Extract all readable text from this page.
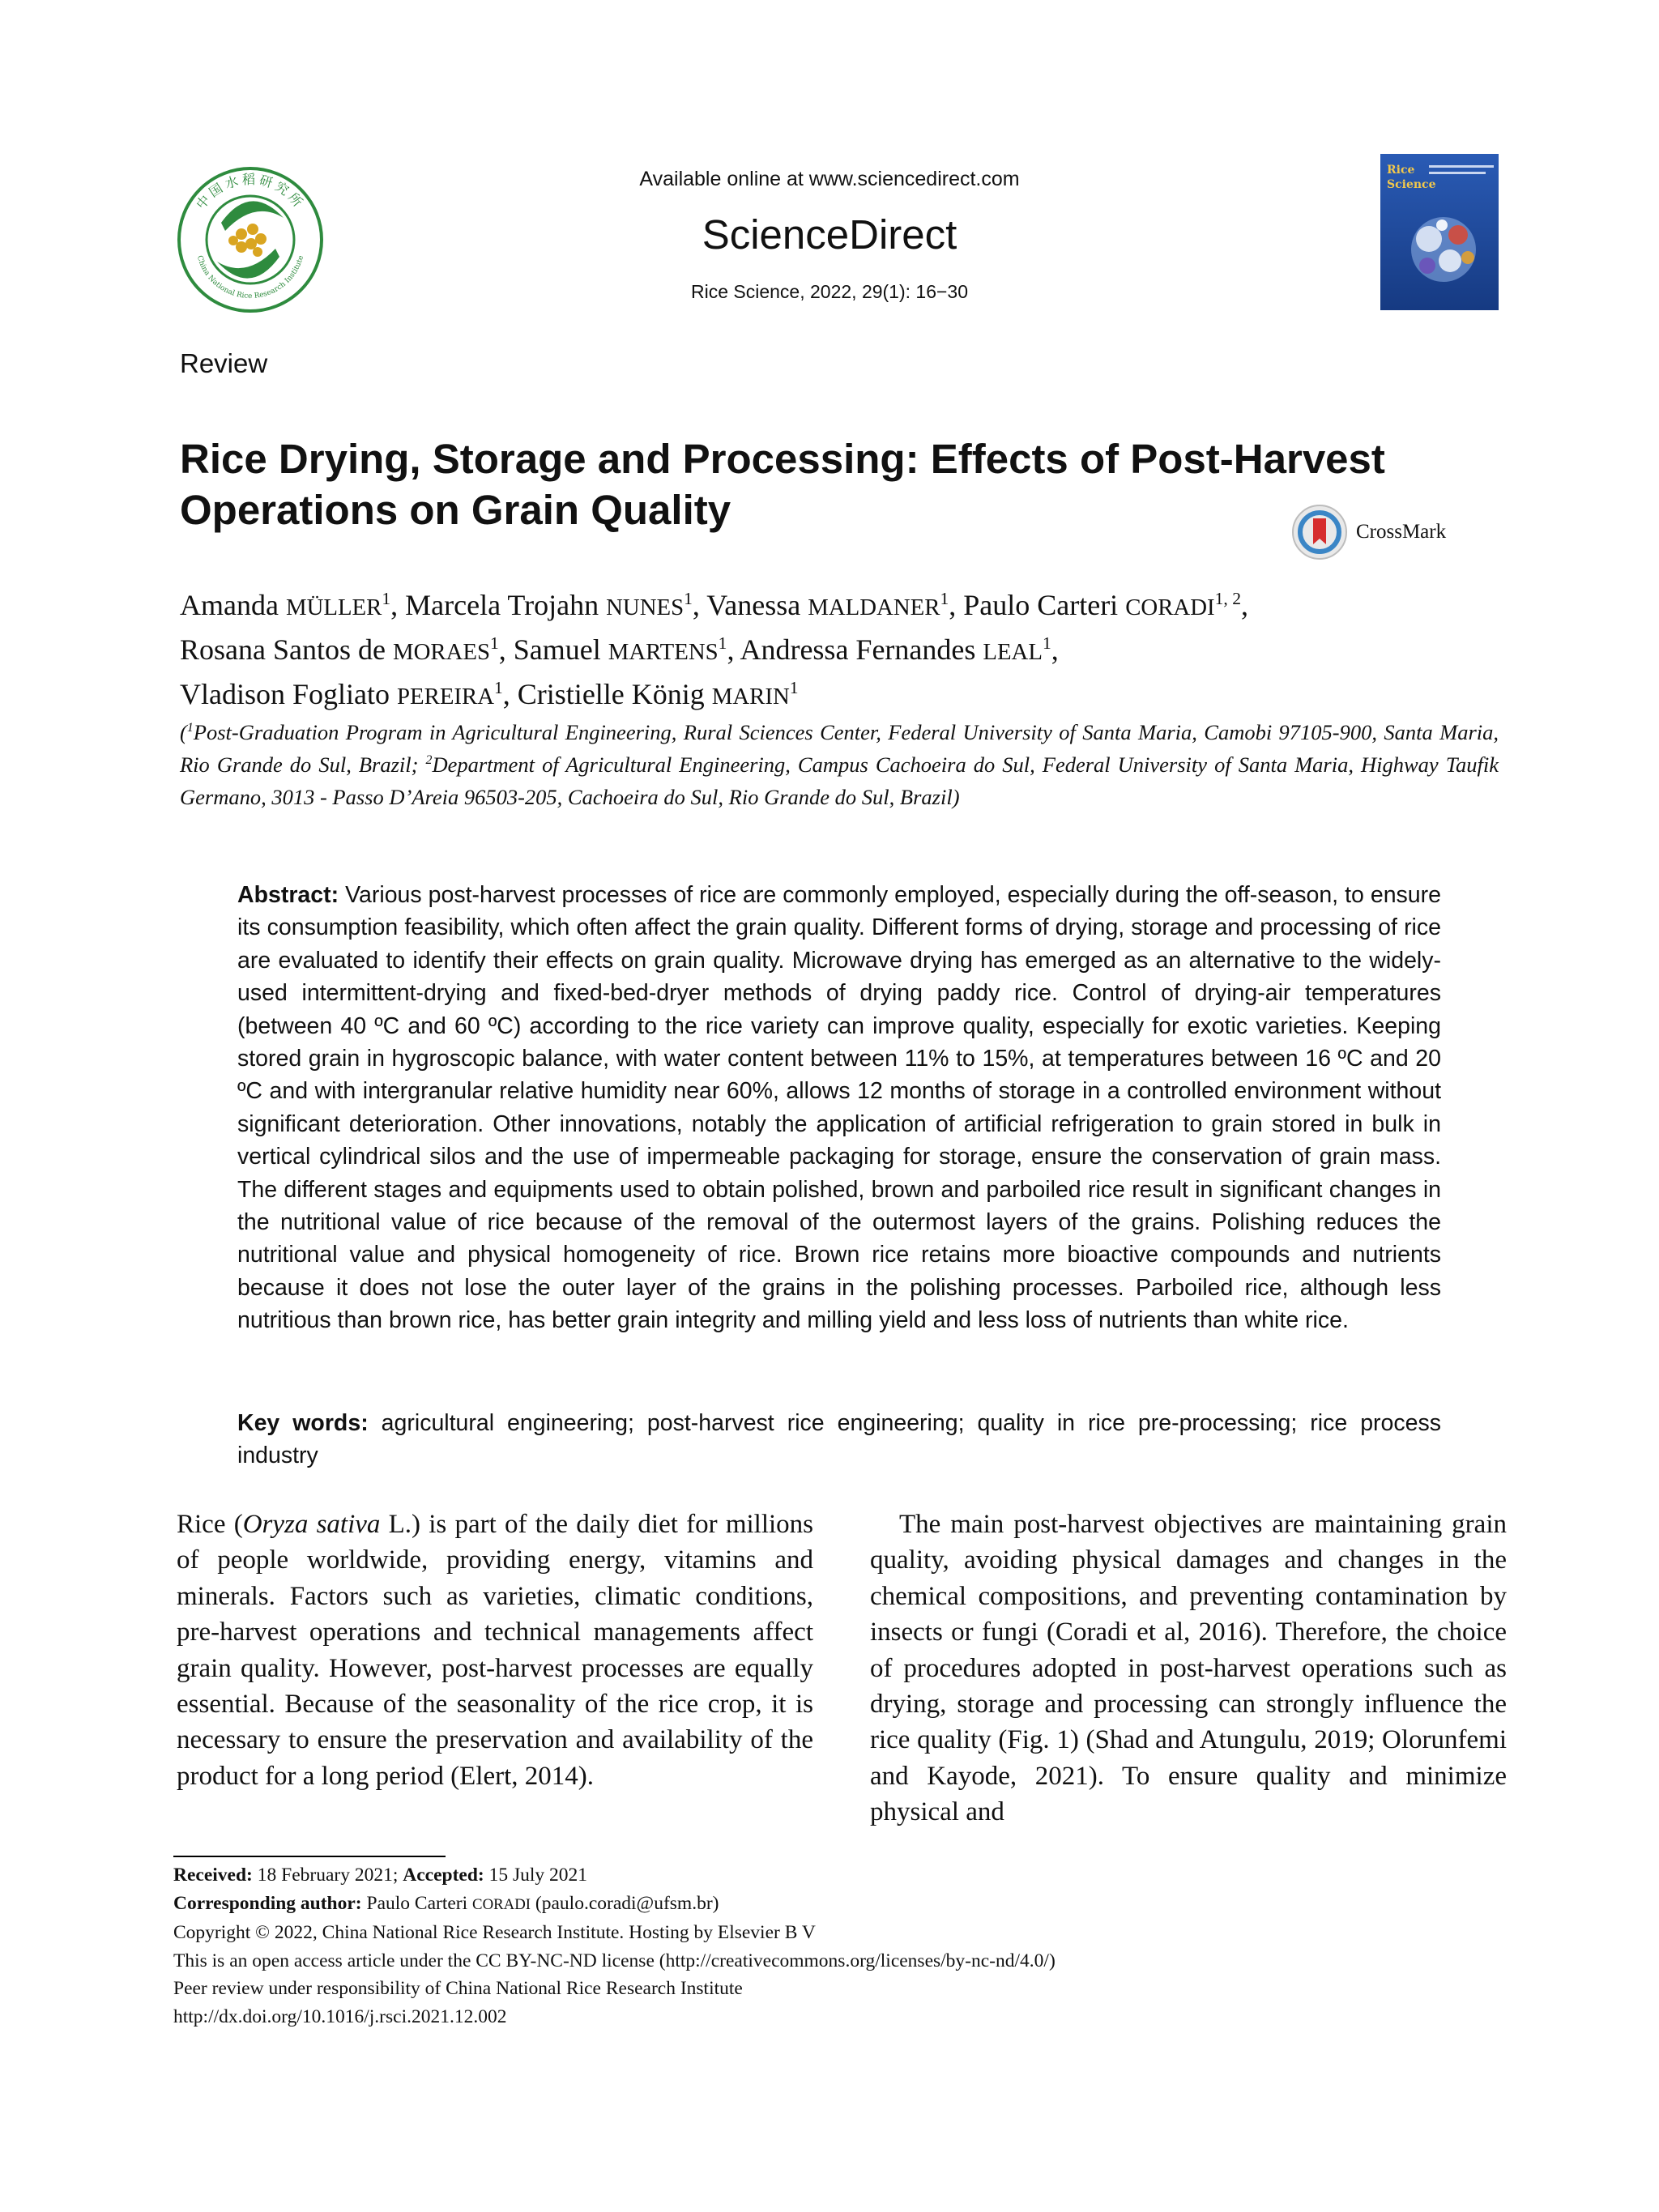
中国水稻研究所
China National Rice Research Institute
Available online at www.sciencedirect.com
ScienceDirect
Rice Science, 2022, 29(1): 16−30
Rice
Science
Review
Rice Drying, Storage and Processing: Effects of Post-Harvest Operations on Grain Quality	CrossMark
Amanda MÜLLER$^1$, Marcela Trojahn NUNES$^1$, Vanessa MALDANER$^1$, Paulo Carteri CORADI$^{1, 2}$,
Rosana Santos de MORAES$^1$, Samuel MARTENS$^1$, Andressa Fernandes LEAL$^1$,
Vladison Fogliato PEREIRA$^1$, Cristielle König MARIN$^1$
($^1$Post-Graduation Program in Agricultural Engineering, Rural Sciences Center, Federal University of Santa Maria, Camobi 97105-900, Santa Maria, Rio Grande do Sul, Brazil; $^2$Department of Agricultural Engineering, Campus Cachoeira do Sul, Federal University of Santa Maria, Highway Taufik Germano, 3013 - Passo D’Areia 96503-205, Cachoeira do Sul, Rio Grande do Sul, Brazil)
Abstract: Various post-harvest processes of rice are commonly employed, especially during the off-season, to ensure its consumption feasibility, which often affect the grain quality. Different forms of drying, storage and processing of rice are evaluated to identify their effects on grain quality. Microwave drying has emerged as an alternative to the widely-used intermittent-drying and fixed-bed-dryer methods of drying paddy rice. Control of drying-air temperatures (between 40 ºC and 60 ºC) according to the rice variety can improve quality, especially for exotic varieties. Keeping stored grain in hygroscopic balance, with water content between 11% to 15%, at temperatures between 16 ºC and 20 ºC and with intergranular relative humidity near 60%, allows 12 months of storage in a controlled environment without significant deterioration. Other innovations, notably the application of artificial refrigeration to grain stored in bulk in vertical cylindrical silos and the use of impermeable packaging for storage, ensure the conservation of grain mass. The different stages and equipments used to obtain polished, brown and parboiled rice result in significant changes in the nutritional value of rice because of the removal of the outermost layers of the grains. Polishing reduces the nutritional value and physical homogeneity of rice. Brown rice retains more bioactive compounds and nutrients because it does not lose the outer layer of the grains in the polishing processes. Parboiled rice, although less nutritious than brown rice, has better grain integrity and milling yield and less loss of nutrients than white rice.
Key words: agricultural engineering; post-harvest rice engineering; quality in rice pre-processing; rice process industry
Rice (Oryza sativa L.) is part of the daily diet for millions of people worldwide, providing energy, vitamins and minerals. Factors such as varieties, climatic conditions, pre-harvest operations and technical managements affect grain quality. However, post-harvest processes are equally essential. Because of the seasonality of the rice crop, it is necessary to ensure the preservation and availability of the product for a long period (Elert, 2014).
The main post-harvest objectives are maintaining grain quality, avoiding physical damages and changes in the chemical compositions, and preventing contamination by insects or fungi (Coradi et al, 2016). Therefore, the choice of procedures adopted in post-harvest operations such as drying, storage and processing can strongly influence the rice quality (Fig. 1) (Shad and Atungulu, 2019; Olorunfemi and Kayode, 2021). To ensure quality and minimize physical and
Received: 18 February 2021; Accepted: 15 July 2021
Corresponding author: Paulo Carteri CORADI (paulo.coradi@ufsm.br)
Copyright © 2022, China National Rice Research Institute. Hosting by Elsevier B V
This is an open access article under the CC BY-NC-ND license (http://creativecommons.org/licenses/by-nc-nd/4.0/)
Peer review under responsibility of China National Rice Research Institute
http://dx.doi.org/10.1016/j.rsci.2021.12.002
